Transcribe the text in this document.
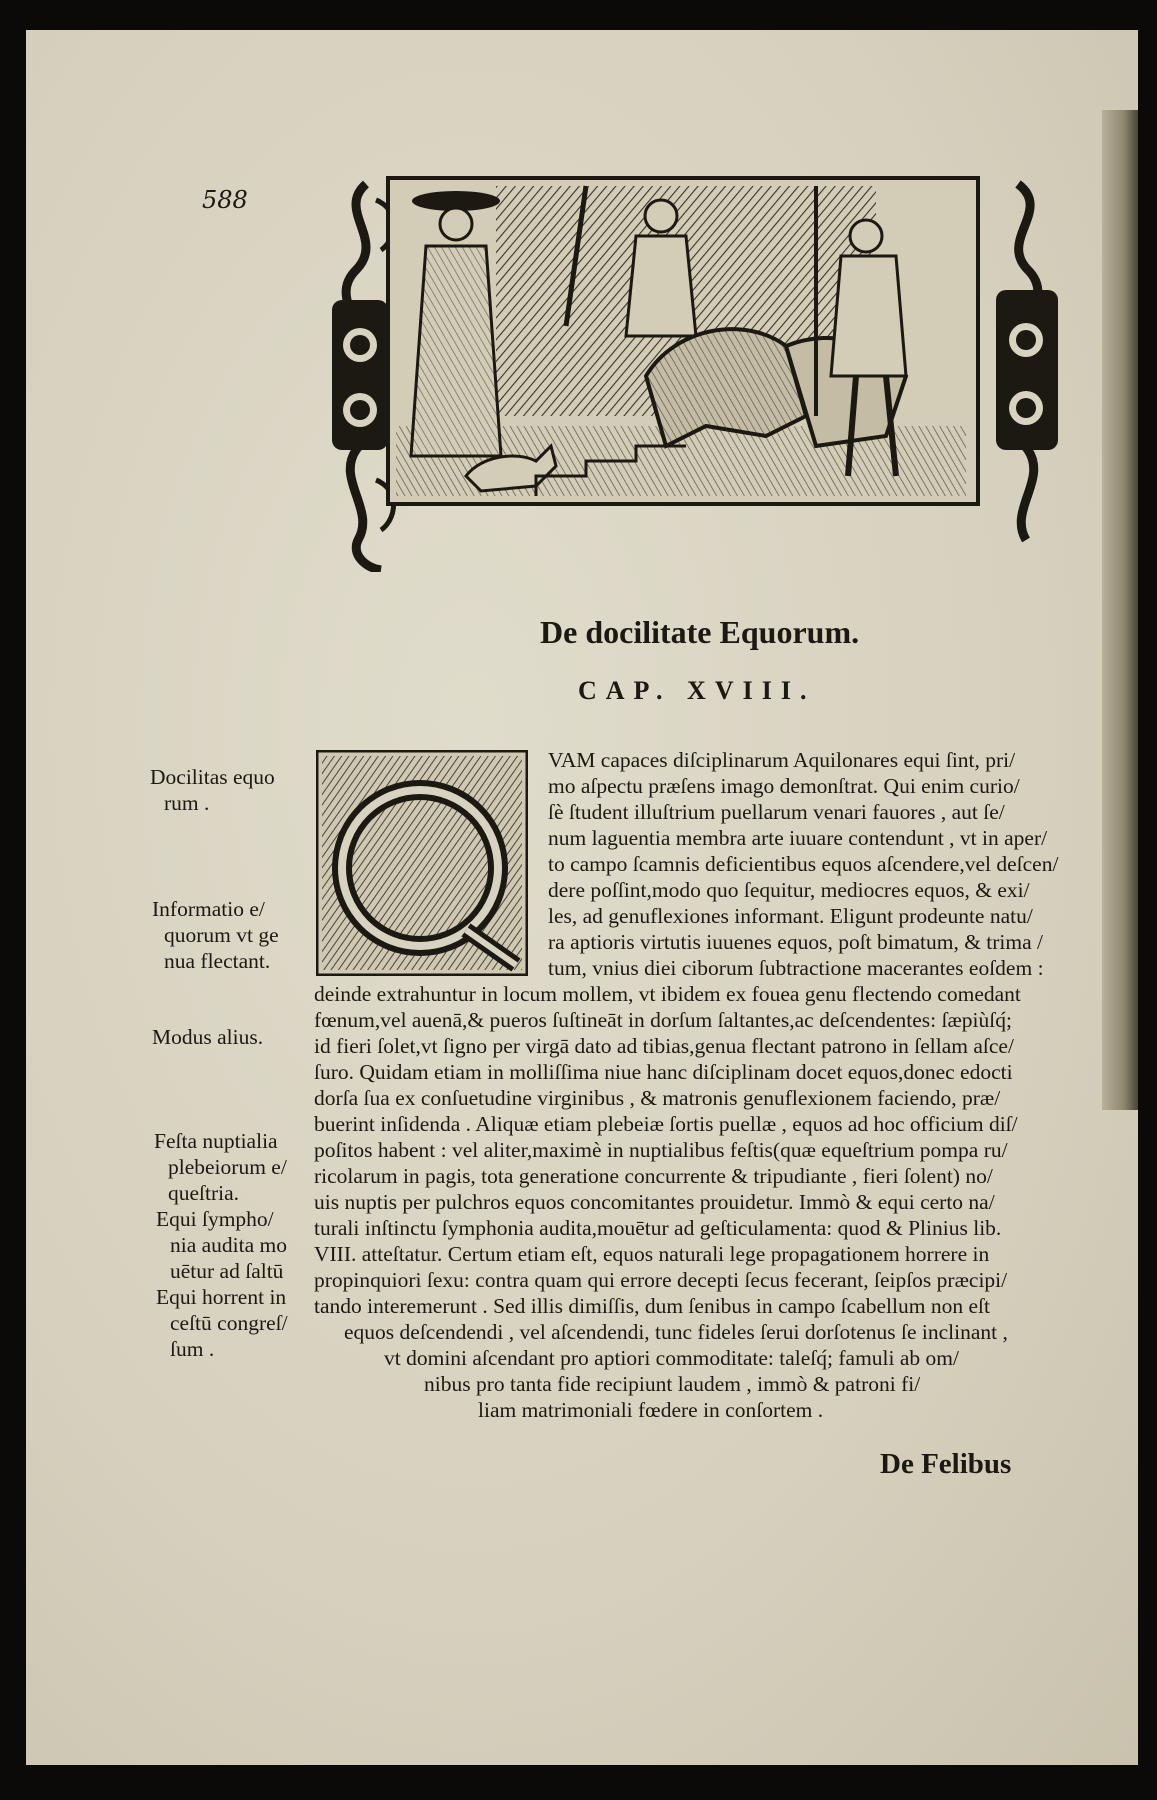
588
De docilitate Equorum.
CAP. XVIII.
VAM capaces diſciplinarum Aquilonares equi ſint, pri/
mo aſpectu præſens imago demonſtrat. Qui enim curio/
ſè ſtudent illuſtrium puellarum venari fauores , aut ſe/
num laguentia membra arte iuuare contendunt , vt in aper/
to campo ſcamnis deficientibus equos aſcendere,vel deſcen/
dere poſſint,modo quo ſequitur, mediocres equos, & exi/
les, ad genuflexiones informant. Eligunt prodeunte natu/
ra aptioris virtutis iuuenes equos, poſt bimatum, & trima /
tum, vnius diei ciborum ſubtractione macerantes eoſdem :
deinde extrahuntur in locum mollem, vt ibidem ex fouea genu flectendo comedant
fœnum,vel auenā,& pueros ſuſtineāt in dorſum ſaltantes,ac deſcendentes: ſæpiùſq́;
id fieri ſolet,vt ſigno per virgā dato ad tibias,genua flectant patrono in ſellam aſce/
ſuro. Quidam etiam in molliſſima niue hanc diſciplinam docet equos,donec edocti
dorſa ſua ex conſuetudine virginibus , & matronis genuflexionem faciendo, præ/
buerint inſidenda . Aliquæ etiam plebeiæ ſortis puellæ , equos ad hoc officium diſ/
poſitos habent : vel aliter,maximè in nuptialibus feſtis(quæ equeſtrium pompa ru/
ricolarum in pagis, tota generatione concurrente & tripudiante , fieri ſolent) no/
uis nuptis per pulchros equos concomitantes prouidetur. Immò & equi certo na/
turali inſtinctu ſymphonia audita,mouētur ad geſticulamenta: quod & Plinius lib.
VIII. atteſtatur. Certum etiam eſt, equos naturali lege propagationem horrere in
propinquiori ſexu: contra quam qui errore decepti ſecus fecerant, ſeipſos præcipi/
tando interemerunt . Sed illis dimiſſis, dum ſenibus in campo ſcabellum non eſt
equos deſcendendi , vel aſcendendi, tunc fideles ſerui dorſotenus ſe inclinant ,
vt domini aſcendant pro aptiori commoditate: taleſq́; famuli ab om/
nibus pro tanta fide recipiunt laudem , immò & patroni fi/
liam matrimoniali fœdere in conſortem .
Docilitas equo
rum .
Informatio e/
quorum vt ge
nua flectant.
Modus alius.
Feſta nuptialia
plebeiorum e/
queſtria.
Equi ſympho/
nia audita mo
uētur ad ſaltū
Equi horrent in
ceſtū congreſ/
ſum .
De Felibus
